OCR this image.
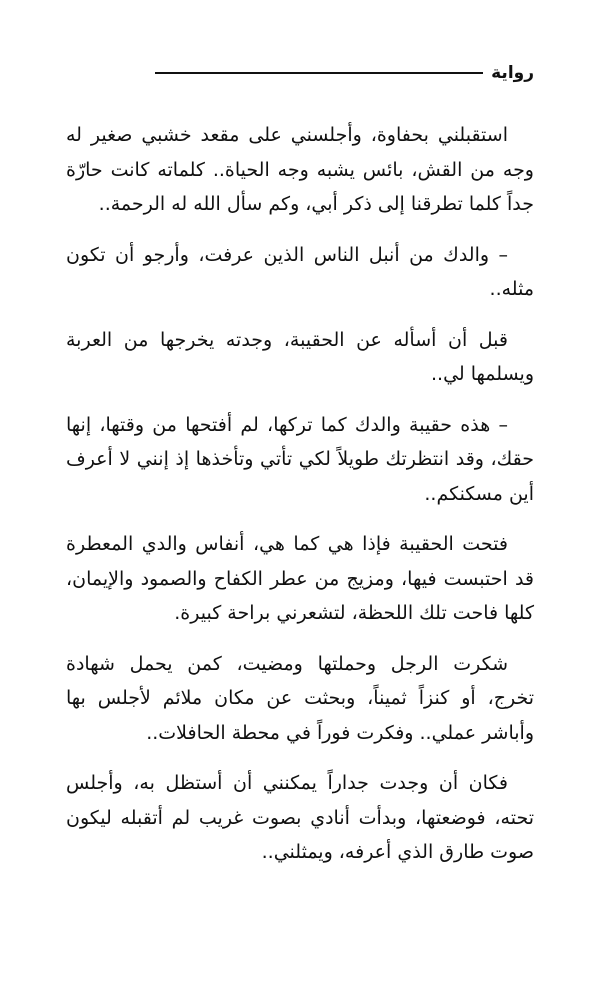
رواية

استقبلني بحفاوة، وأجلسني على مقعد خشبي صغير له وجه من القش، بائس يشبه وجه الحياة.. كلماته كانت حارّة جداً كلما تطرقنا إلى ذكر أبي، وكم سأل الله له الرحمة..

– والدك من أنبل الناس الذين عرفت، وأرجو أن تكون مثله..

قبل أن أسأله عن الحقيبة، وجدته يخرجها من العربة ويسلمها لي..

– هذه حقيبة والدك كما تركها، لم أفتحها من وقتها، إنها حقك، وقد انتظرتك طويلاً لكي تأتي وتأخذها إذ إنني لا أعرف أين مسكنكم..

فتحت الحقيبة فإذا هي كما هي، أنفاس والدي المعطرة قد احتبست فيها، ومزيج من عطر الكفاح والصمود والإيمان، كلها فاحت تلك اللحظة، لتشعرني براحة كبيرة.

شكرت الرجل وحملتها ومضيت، كمن يحمل شهادة تخرج، أو كنزاً ثميناً، وبحثت عن مكان ملائم لأجلس بها وأباشر عملي.. وفكرت فوراً في محطة الحافلات..

فكان أن وجدت جداراً يمكنني أن أستظل به، وأجلس تحته، فوضعتها، وبدأت أنادي بصوت غريب لم أتقبله ليكون صوت طارق الذي أعرفه، ويمثلني..
